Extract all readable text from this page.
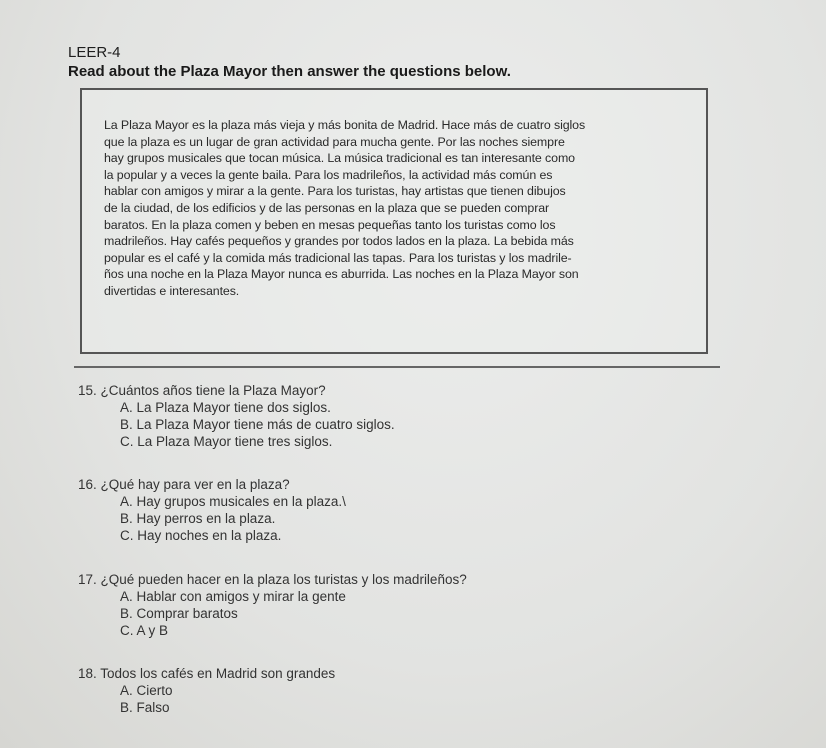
LEER-4
Read about the Plaza Mayor then answer the questions below.
La Plaza Mayor es la plaza más vieja y más bonita de Madrid. Hace más de cuatro siglos
que la plaza es un lugar de gran actividad para mucha gente. Por las noches siempre
hay grupos musicales que tocan música. La música tradicional es tan interesante como
la popular y a veces la gente baila. Para los madrileños, la actividad más común es
hablar con amigos y mirar a la gente. Para los turistas, hay artistas que tienen dibujos
de la ciudad, de los edificios y de las personas en la plaza que se pueden comprar
baratos. En la plaza comen y beben en mesas pequeñas tanto los turistas como los
madrileños. Hay cafés pequeños y grandes por todos lados en la plaza. La bebida más
popular es el café y la comida más tradicional las tapas. Para los turistas y los madrile-
ños una noche en la Plaza Mayor nunca es aburrida. Las noches en la Plaza Mayor son
divertidas e interesantes.
15. ¿Cuántos años tiene la Plaza Mayor?
A. La Plaza Mayor tiene dos siglos.
B. La Plaza Mayor tiene más de cuatro siglos.
C. La Plaza Mayor tiene tres siglos.
16. ¿Qué hay para ver en la plaza?
A. Hay grupos musicales en la plaza.\
B. Hay perros en la plaza.
C. Hay noches en la plaza.
17. ¿Qué pueden hacer en la plaza los turistas y los madrileños?
A. Hablar con amigos y mirar la gente
B. Comprar baratos
C. A y B
18. Todos los cafés en Madrid son grandes
A. Cierto
B. Falso
